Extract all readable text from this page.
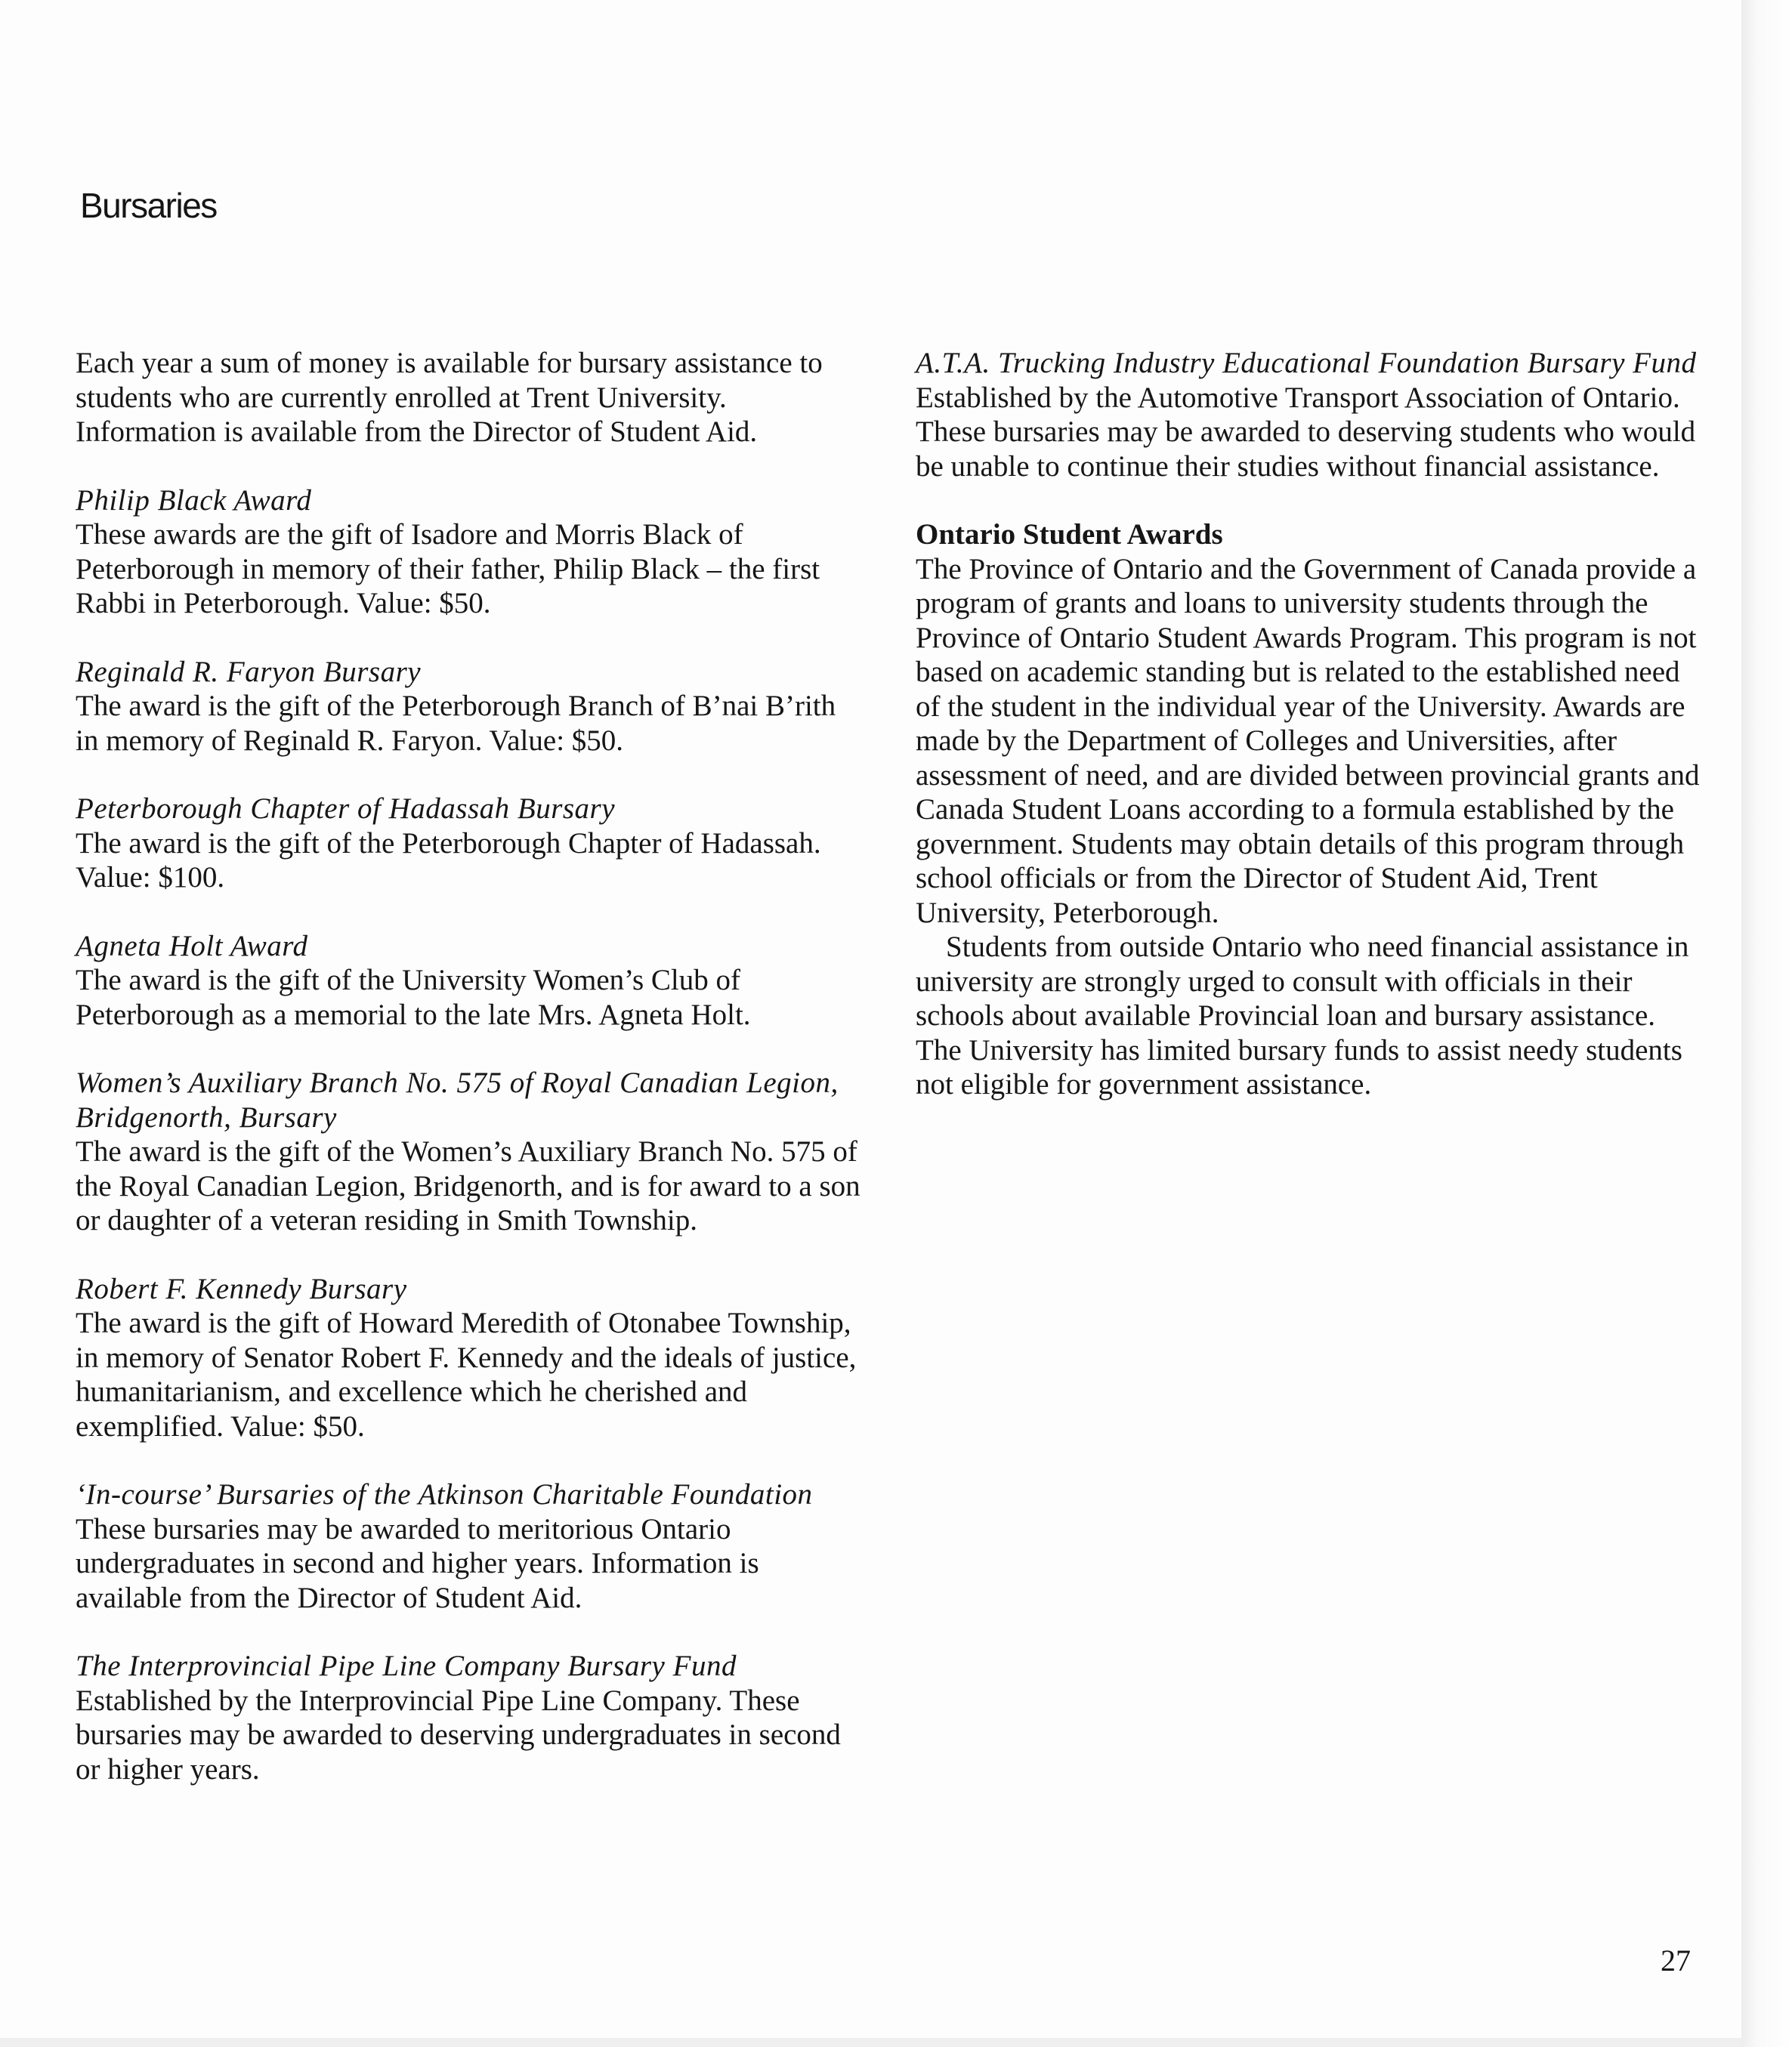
Bursaries

Each year a sum of money is available for bursary assistance to students who are currently enrolled at Trent University. Information is available from the Director of Student Aid.

Philip Black Award

These awards are the gift of Isadore and Morris Black of Peterborough in memory of their father, Philip Black – the first Rabbi in Peterborough. Value: $50.

Reginald R. Faryon Bursary

The award is the gift of the Peterborough Branch of B’nai B’rith in memory of Reginald R. Faryon. Value: $50.

Peterborough Chapter of Hadassah Bursary

The award is the gift of the Peterborough Chapter of Hadassah. Value: $100.

Agneta Holt Award

The award is the gift of the University Women’s Club of Peterborough as a memorial to the late Mrs. Agneta Holt.

Women’s Auxiliary Branch No. 575 of Royal Canadian Legion, Bridgenorth, Bursary

The award is the gift of the Women’s Auxiliary Branch No. 575 of the Royal Canadian Legion, Bridgenorth, and is for award to a son or daughter of a veteran residing in Smith Township.

Robert F. Kennedy Bursary

The award is the gift of Howard Meredith of Otonabee Township, in memory of Senator Robert F. Kennedy and the ideals of justice, humanitarianism, and excellence which he cherished and exemplified. Value: $50.

‘In-course’ Bursaries of the Atkinson Charitable Foundation

These bursaries may be awarded to meritorious Ontario undergraduates in second and higher years. Information is available from the Director of Student Aid.

The Interprovincial Pipe Line Company Bursary Fund

Established by the Interprovincial Pipe Line Company. These bursaries may be awarded to deserving undergraduates in second or higher years.

A.T.A. Trucking Industry Educational Foundation Bursary Fund

Established by the Automotive Transport Association of Ontario. These bursaries may be awarded to deserving students who would be unable to continue their studies without financial assistance.

Ontario Student Awards

The Province of Ontario and the Government of Canada provide a program of grants and loans to university students through the Province of Ontario Student Awards Program. This program is not based on academic standing but is related to the established need of the student in the individual year of the University. Awards are made by the Department of Colleges and Universities, after assessment of need, and are divided between provincial grants and Canada Student Loans according to a formula established by the government. Students may obtain details of this program through school officials or from the Director of Student Aid, Trent University, Peterborough.

Students from outside Ontario who need financial assistance in university are strongly urged to consult with officials in their schools about available Provincial loan and bursary assistance. The University has limited bursary funds to assist needy students not eligible for government assistance.

27
